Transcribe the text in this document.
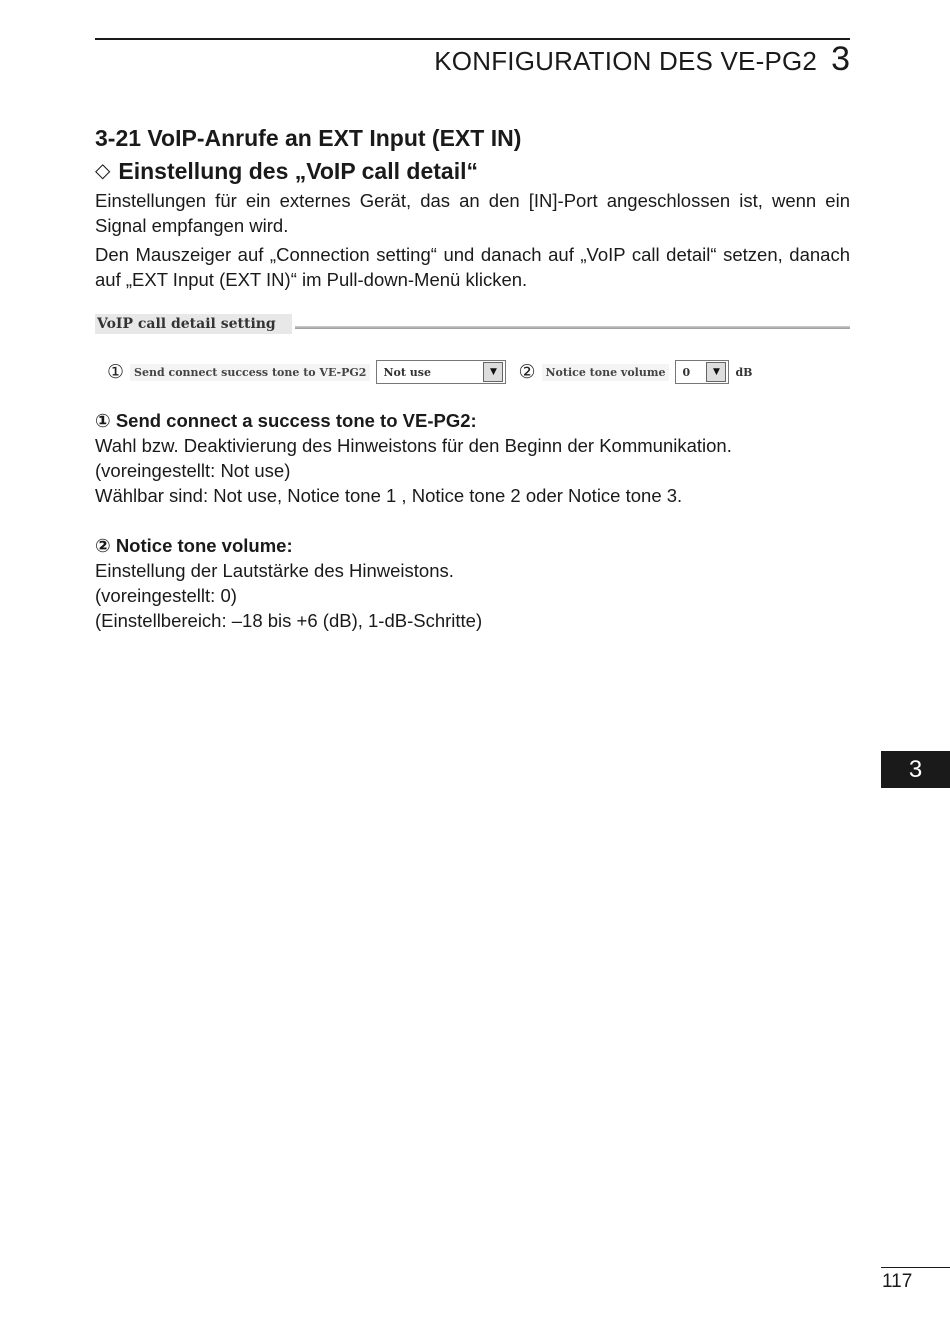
KONFIGURATION DES VE-PG2 3
3-21 VoIP-Anrufe an EXT Input (EXT IN)
◇ Einstellung des „VoIP call detail“

Einstellungen für ein externes Gerät, das an den [IN]-Port angeschlossen ist, wenn ein Signal empfangen wird.

Den Mauszeiger auf „Connection setting“ und danach auf „VoIP call detail“ setzen, danach auf „EXT Input (EXT IN)“ im Pull-down-Menü klicken.

VoIP call detail setting
① Send connect success tone to VE-PG2	Not use	▼	② Notice tone volume	0	▼	dB

① Send connect a success tone to VE-PG2:

Wahl bzw. Deaktivierung des Hinweistons für den Beginn der Kommunikation.

(voreingestellt: Not use)

Wählbar sind: Not use, Notice tone 1 , Notice tone 2 oder Notice tone 3.

② Notice tone volume:

Einstellung der Lautstärke des Hinweistons.

(voreingestellt: 0)

(Einstellbereich: –18 bis +6 (dB), 1-dB-Schritte)

3
117
